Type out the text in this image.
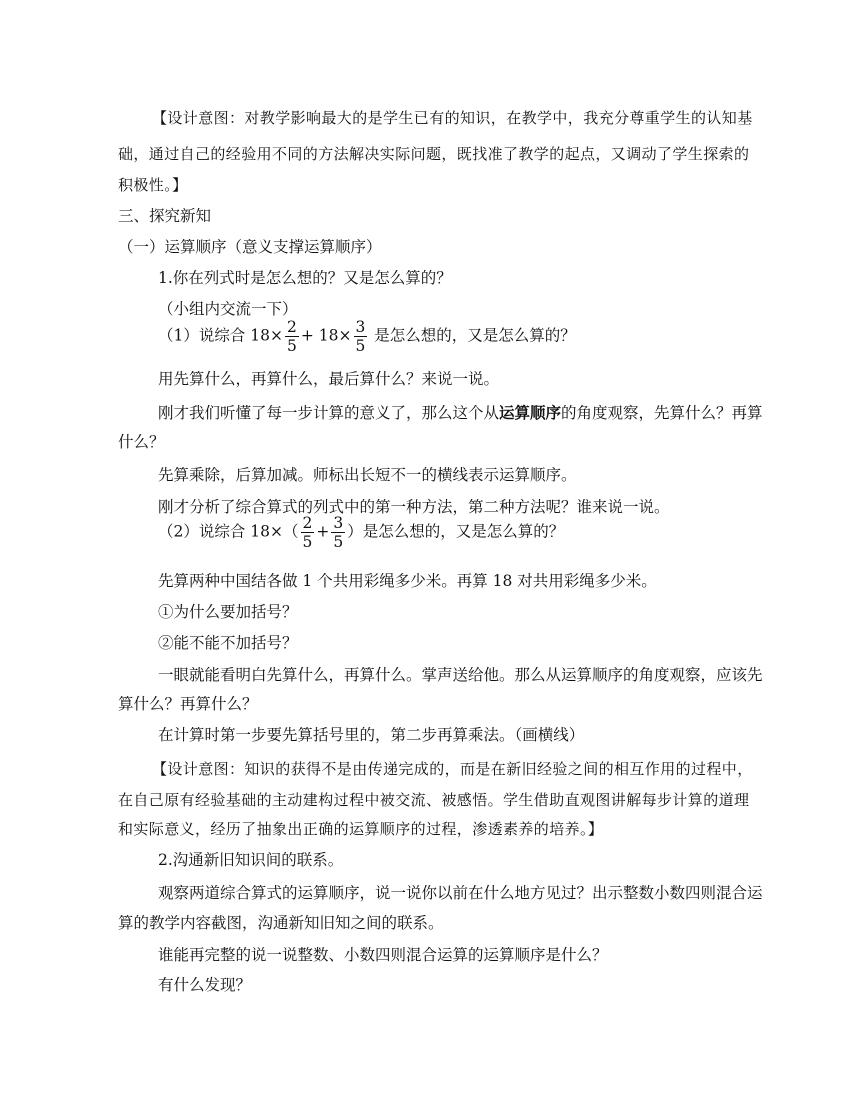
【设计意图：对教学影响最大的是学生已有的知识，在教学中，我充分尊重学生的认知基
础，通过自己的经验用不同的方法解决实际问题，既找准了教学的起点，又调动了学生探索的
积极性。】
三、探究新知
（一）运算顺序（意义支撑运算顺序）
1.你在列式时是怎么想的？又是怎么算的？
（小组内交流一下）
（1）说综合 $18\times \frac{2}{5} + 18\times \frac{3}{5}$ 是怎么想的，又是怎么算的？
用先算什么，再算什么，最后算什么？来说一说。
刚才我们听懂了每一步计算的意义了，那么这个从运算顺序的角度观察，先算什么？再算
什么？
先算乘除，后算加减。师标出长短不一的横线表示运算顺序。
刚才分析了综合算式的列式中的第一种方法，第二种方法呢？谁来说一说。
（2）说综合 $18\times( \frac{2}{5} + \frac{3}{5}$ ）是怎么想的，又是怎么算的？
先算两种中国结各做 1 个共用彩绳多少米。再算 18 对共用彩绳多少米。
①为什么要加括号？
②能不能不加括号？
一眼就能看明白先算什么，再算什么。掌声送给他。那么从运算顺序的角度观察，应该先
算什么？再算什么？
在计算时第一步要先算括号里的，第二步再算乘法。（画横线）
【设计意图：知识的获得不是由传递完成的，而是在新旧经验之间的相互作用的过程中，
在自己原有经验基础的主动建构过程中被交流、被感悟。学生借助直观图讲解每步计算的道理
和实际意义，经历了抽象出正确的运算顺序的过程，渗透素养的培养。】
2.沟通新旧知识间的联系。
观察两道综合算式的运算顺序，说一说你以前在什么地方见过？出示整数小数四则混合运
算的教学内容截图，沟通新知旧知之间的联系。
谁能再完整的说一说整数、小数四则混合运算的运算顺序是什么？
有什么发现？
